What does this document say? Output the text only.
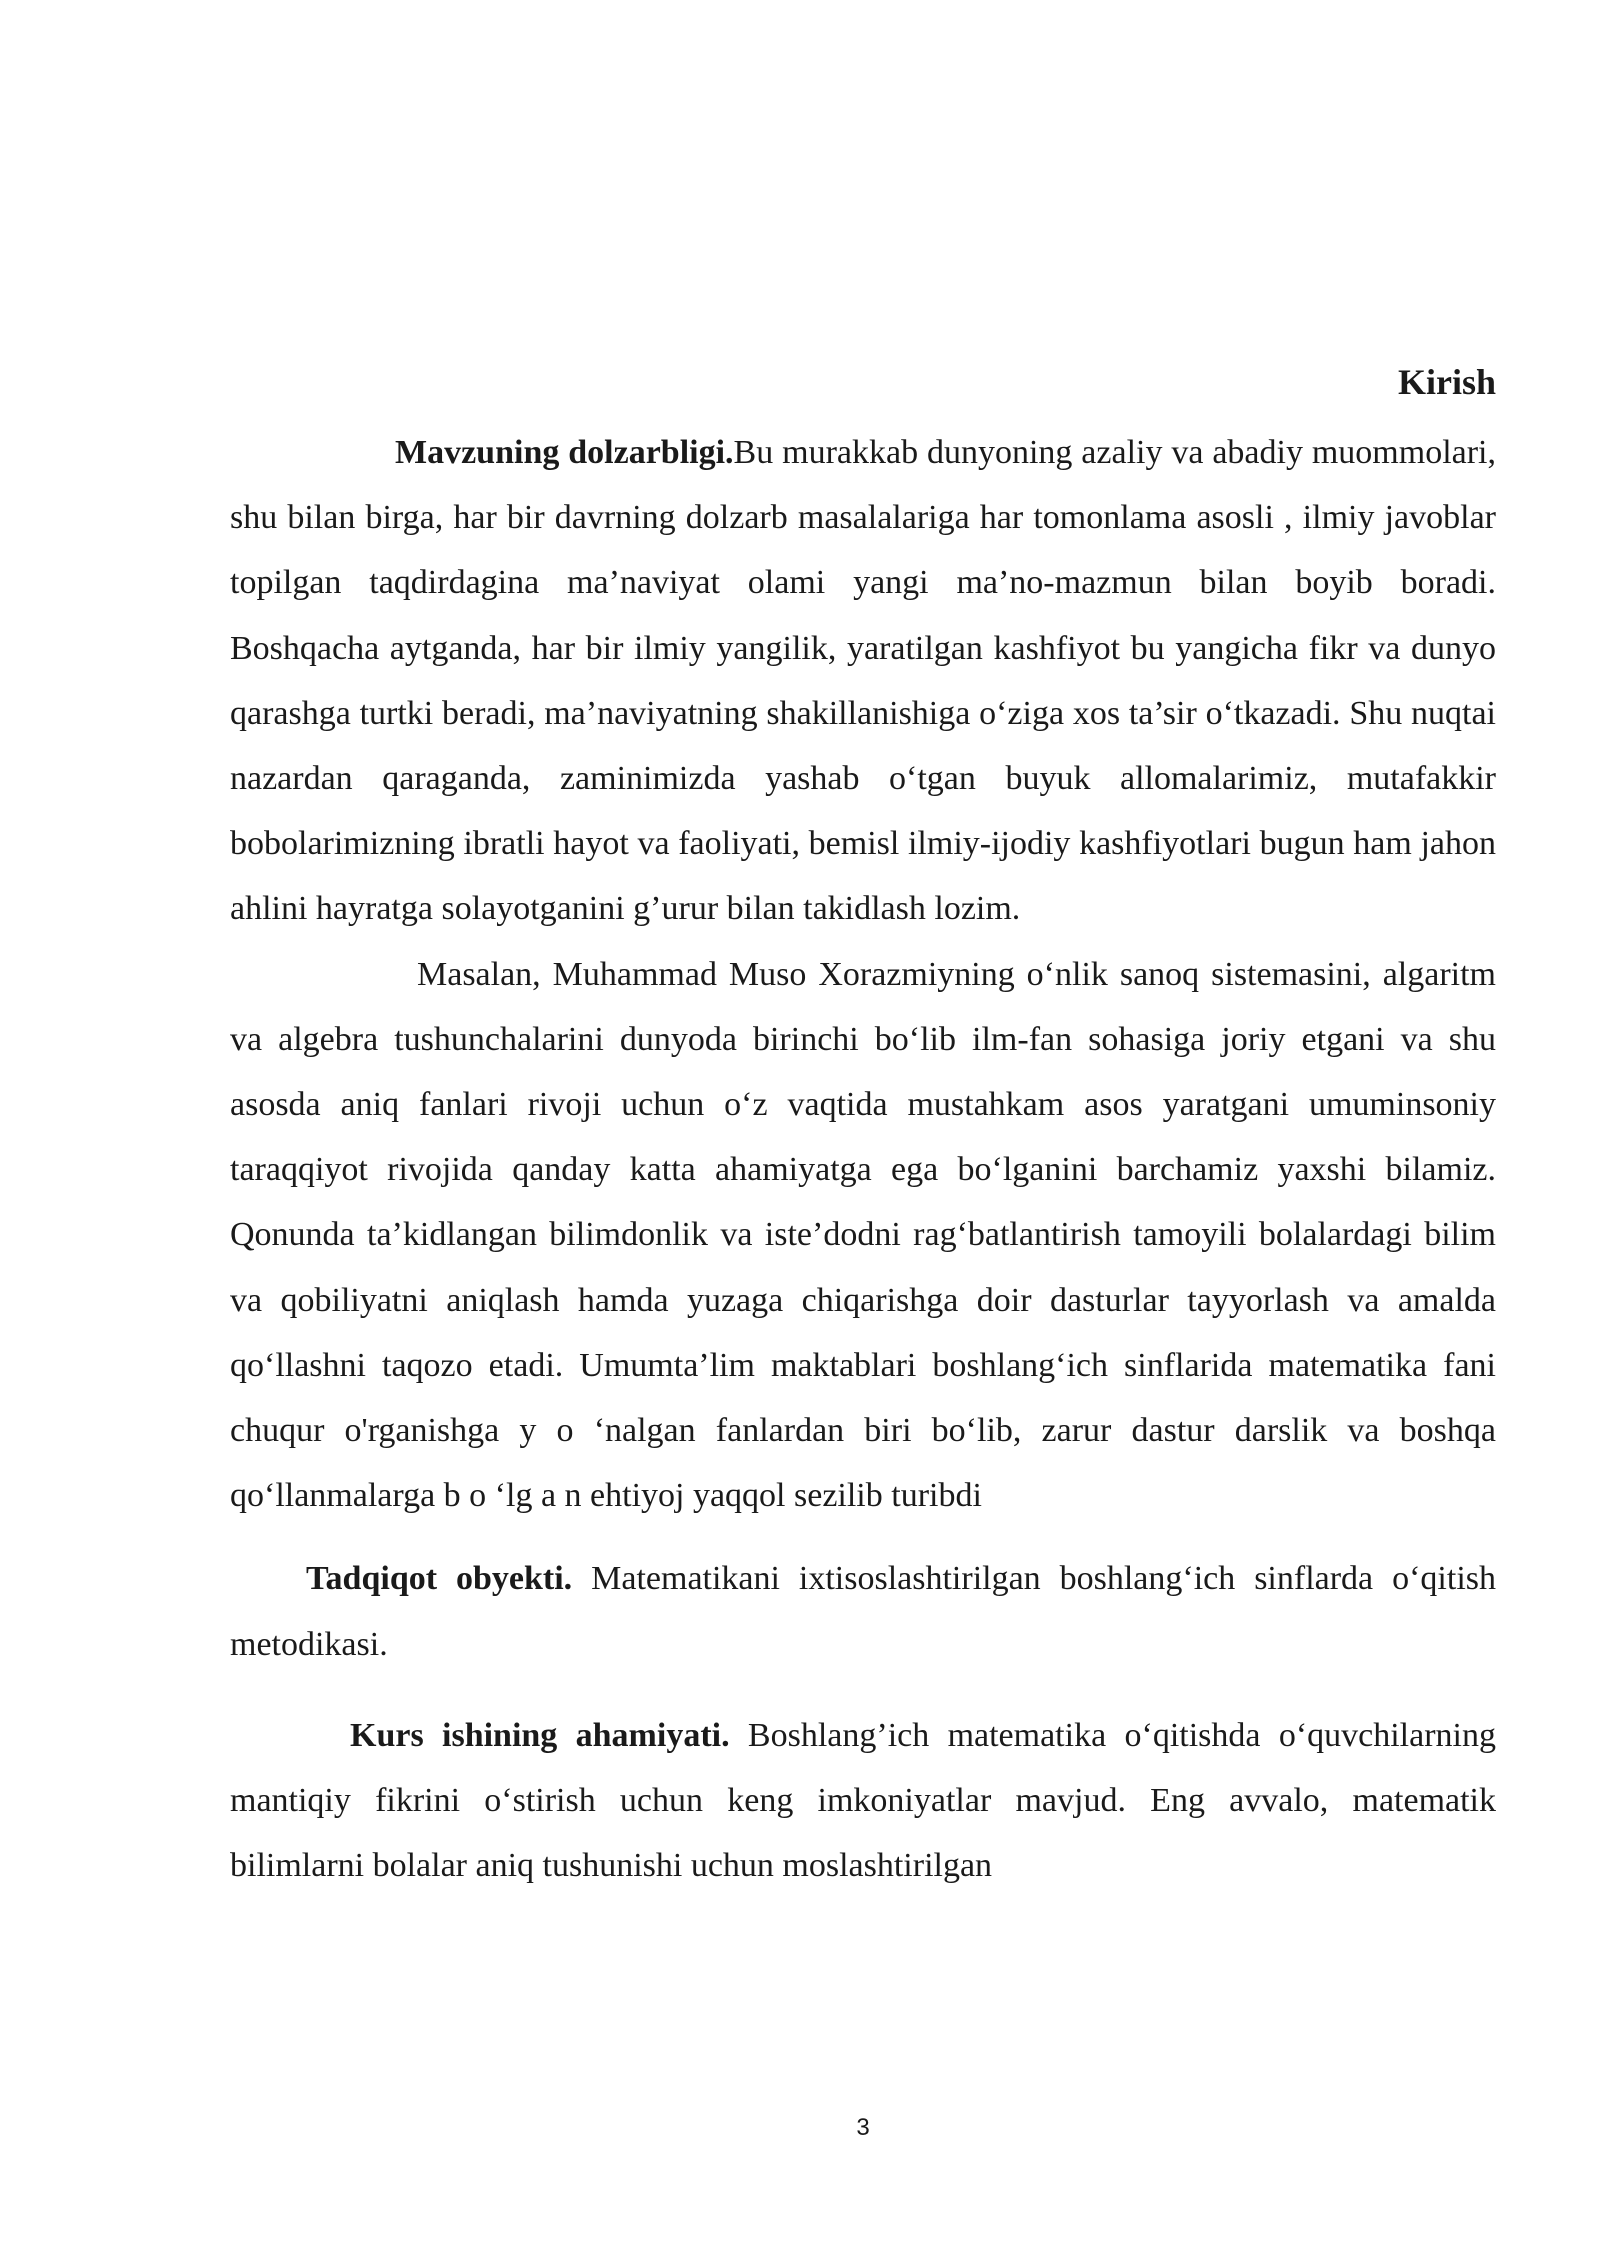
Kirish

Mavzuning dolzarbligi.Bu murakkab dunyoning azaliy va abadiy muommolari, shu bilan birga, har bir davrning dolzarb masalalariga har tomonlama asosli , ilmiy javoblar topilgan taqdirdagina ma’naviyat olami yangi ma’no-mazmun bilan boyib boradi. Boshqacha aytganda, har bir ilmiy yangilik, yaratilgan kashfiyot bu yangicha fikr va dunyo qarashga turtki beradi, ma’naviyatning shakillanishiga o‘ziga xos ta’sir o‘tkazadi. Shu nuqtai nazardan qaraganda, zaminimizda yashab o‘tgan buyuk allomalarimiz, mutafakkir bobolarimizning ibratli hayot va faoliyati, bemisl ilmiy-ijodiy kashfiyotlari bugun ham jahon ahlini hayratga solayotganini g’urur bilan takidlash lozim.

Masalan, Muhammad Muso Xorazmiyning o‘nlik sanoq sistemasini, algaritm va algebra tushunchalarini dunyoda birinchi bo‘lib ilm-fan sohasiga joriy etgani va shu asosda aniq fanlari rivoji uchun o‘z vaqtida mustahkam asos yaratgani umuminsoniy taraqqiyot rivojida qanday katta ahamiyatga ega bo‘lganini barchamiz yaxshi bilamiz. Qonunda ta’kidlangan bilimdonlik va iste’dodni rag‘batlantirish tamoyili bolalardagi bilim va qobiliyatni aniqlash hamda yuzaga chiqarishga doir dasturlar tayyorlash va amalda qo‘llashni taqozo etadi. Umumta’lim maktablari boshlang‘ich sinflarida matematika fani chuqur o'rganishga y o ‘nalgan fanlardan biri bo‘lib, zarur dastur darslik va boshqa qo‘llanmalarga b o ‘lg a n ehtiyoj yaqqol sezilib turibdi

Tadqiqot obyekti. Matematikani ixtisoslashtirilgan boshlang‘ich sinflarda o‘qitish metodikasi.

Kurs ishining ahamiyati. Boshlang’ich matematika o‘qitishda o‘quvchilarning mantiqiy fikrini o‘stirish uchun keng imkoniyatlar mavjud. Eng avvalo, matematik bilimlarni bolalar aniq tushunishi uchun moslashtirilgan

3
